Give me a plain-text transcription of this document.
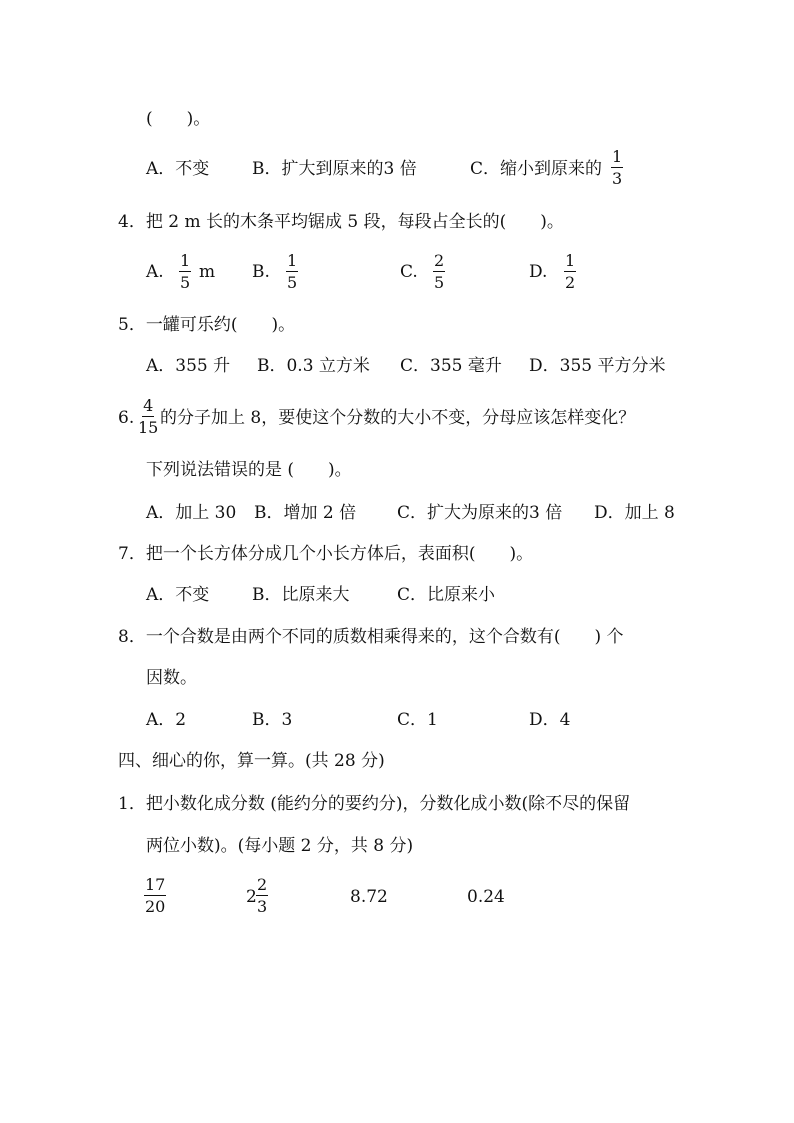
(　　)。
A．不变	B．扩大到原来的3 倍	C．缩小到原来的 $\frac{1}{3}$
4．把 2 m 长的木条平均锯成 5 段，每段占全长的(　　)。
A. $\frac{1}{5}$ m B. $\frac{1}{5}$	C. $\frac{2}{5}$	D. $\frac{1}{2}$
5．一罐可乐约(　　)。
A．355 升 B．0.3 立方米 C．355 毫升 D．355 平方分米
6. $\frac{4}{15}$ 的分子加上 8，要使这个分数的大小不变，分母应该怎样变化？
下列说法错误的是 (　　)。
A．加上 30 B．增加 2 倍 C．扩大为原来的3 倍 D．加上 8
7．把一个长方体分成几个小长方体后，表面积(　　)。
A．不变	B．比原来大	C．比原来小
8．一个合数是由两个不同的质数相乘得来的，这个合数有(　　) 个
因数。
A．2	B．3	C．1	D．4
四、细心的你，算一算。(共 28 分)
1．把小数化成分数 (能约分的要约分)，分数化成小数(除不尽的保留
两位小数)。(每小题 2 分，共 8 分)
$\frac{17}{20}$	$2 \frac{2}{3}$	8.72	0.24
